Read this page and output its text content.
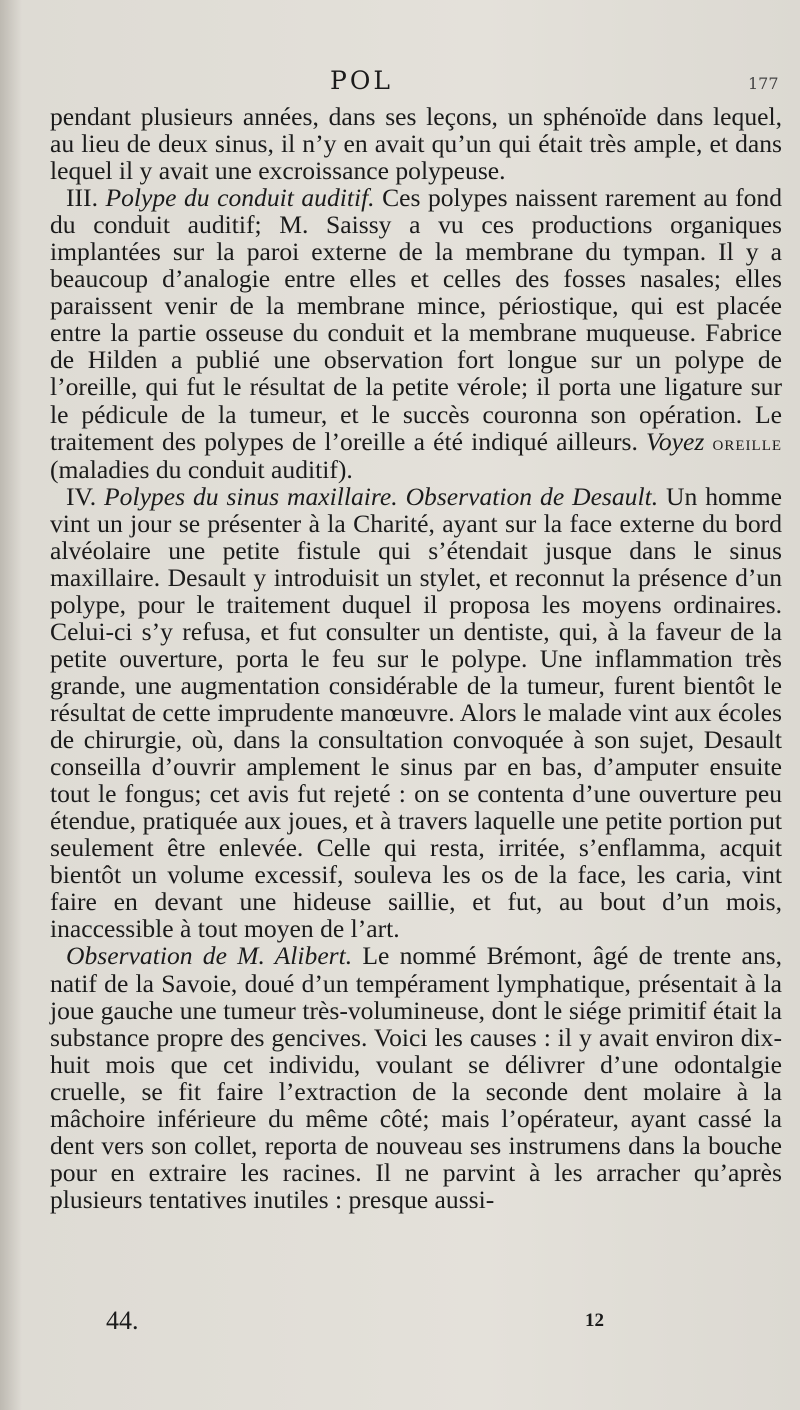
POL	177

pendant plusieurs années, dans ses leçons, un sphénoïde dans lequel, au lieu de deux sinus, il n’y en avait qu’un qui était très ample, et dans lequel il y avait une excroissance polypeuse.

III. Polype du conduit auditif. Ces polypes naissent rarement au fond du conduit auditif; M. Saissy a vu ces productions organiques implantées sur la paroi externe de la membrane du tympan. Il y a beaucoup d’analogie entre elles et celles des fosses nasales; elles paraissent venir de la membrane mince, périostique, qui est placée entre la partie osseuse du conduit et la membrane muqueuse. Fabrice de Hilden a publié une observation fort longue sur un polype de l’oreille, qui fut le résultat de la petite vérole; il porta une ligature sur le pédicule de la tumeur, et le succès couronna son opération. Le traitement des polypes de l’oreille a été indiqué ailleurs. Voyez oreille (maladies du conduit auditif).

IV. Polypes du sinus maxillaire. Observation de Desault. Un homme vint un jour se présenter à la Charité, ayant sur la face externe du bord alvéolaire une petite fistule qui s’étendait jusque dans le sinus maxillaire. Desault y introduisit un stylet, et reconnut la présence d’un polype, pour le traitement duquel il proposa les moyens ordinaires. Celui-ci s’y refusa, et fut consulter un dentiste, qui, à la faveur de la petite ouverture, porta le feu sur le polype. Une inflammation très grande, une augmentation considérable de la tumeur, furent bientôt le résultat de cette imprudente manœuvre. Alors le malade vint aux écoles de chirurgie, où, dans la consultation convoquée à son sujet, Desault conseilla d’ouvrir amplement le sinus par en bas, d’amputer ensuite tout le fongus; cet avis fut rejeté : on se contenta d’une ouverture peu étendue, pratiquée aux joues, et à travers laquelle une petite portion put seulement être enlevée. Celle qui resta, irritée, s’enflamma, acquit bientôt un volume excessif, souleva les os de la face, les caria, vint faire en devant une hideuse saillie, et fut, au bout d’un mois, inaccessible à tout moyen de l’art.

Observation de M. Alibert. Le nommé Brémont, âgé de trente ans, natif de la Savoie, doué d’un tempérament lymphatique, présentait à la joue gauche une tumeur très-volumineuse, dont le siége primitif était la substance propre des gencives. Voici les causes : il y avait environ dix-huit mois que cet individu, voulant se délivrer d’une odontalgie cruelle, se fit faire l’extraction de la seconde dent molaire à la mâchoire inférieure du même côté; mais l’opérateur, ayant cassé la dent vers son collet, reporta de nouveau ses instrumens dans la bouche pour en extraire les racines. Il ne parvint à les arracher qu’après plusieurs tentatives inutiles : presque aussi-

44.	12
